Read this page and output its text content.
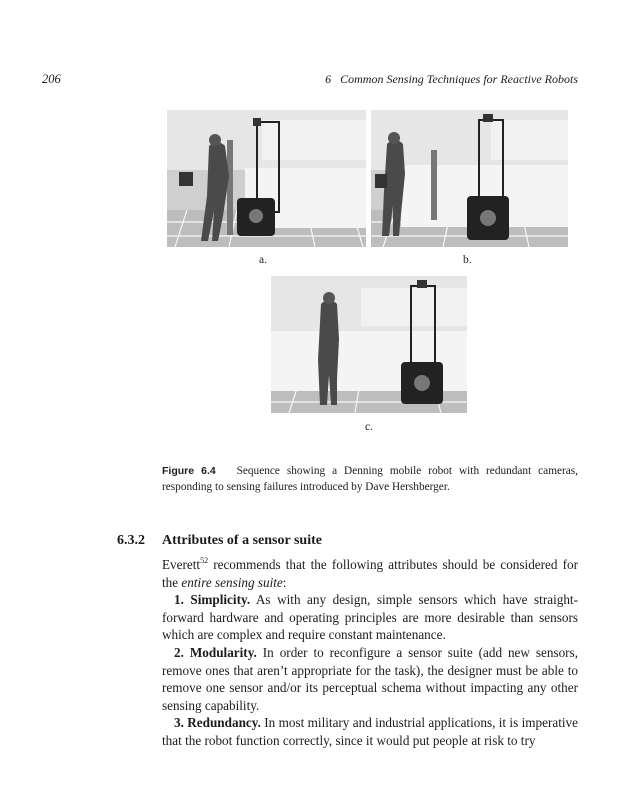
206	6   Common Sensing Techniques for Reactive Robots
a.	b.
c.
Figure 6.4 Sequence showing a Denning mobile robot with redundant cameras, responding to sensing failures introduced by Dave Hershberger.
6.3.2 Attributes of a sensor suite

Everett$^{52}$ recommends that the following attributes should be considered for the entire sensing suite:

1. Simplicity. As with any design, simple sensors which have straight-forward hardware and operating principles are more desirable than sensors which are complex and require constant maintenance.

2. Modularity. In order to reconfigure a sensor suite (add new sensors, remove ones that aren’t appropriate for the task), the designer must be able to remove one sensor and/or its perceptual schema without impacting any other sensing capability.

3. Redundancy. In most military and industrial applications, it is imperative that the robot function correctly, since it would put people at risk to try
